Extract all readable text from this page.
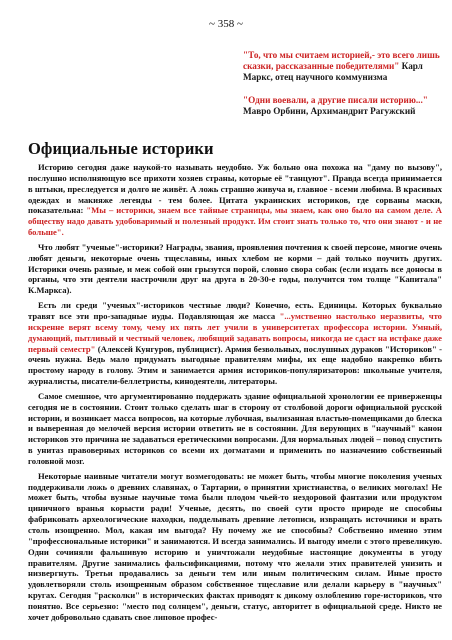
~ 358 ~
"То, что мы считаем историей,- это всего лишь сказки, рассказанные победителями" Карл Маркс, отец научного коммунизма
"Одни воевали, а другие писали историю..." Мавро Орбини, Архимандрит Рагужский
Официальные историки

Историю сегодня даже наукой-то называть неудобно. Уж больно она похожа на "даму по вызову", послушно исполняющую все прихоти хозяев страны, которые её "танцуют". Правда всегда принимается в штыки, преследуется и долго не живёт. А ложь страшно живуча и, главное - всеми любима. В красивых одеждах и макияже легенды - тем более. Цитата украинских историков, где сорваны маски, показательна: "Мы – историки, знаем все тайные страницы, мы знаем, как оно было на самом деле. А обществу надо давать удобоваримый и полезный продукт. Им стоит знать только то, что они знают - и не больше".

Что любят "ученые"-историки? Награды, звания, проявления почтения к своей персоне, многие очень любят деньги, некоторые очень тщеславны, иных хлебом не корми – дай только поучить других. Историки очень разные, и меж собой они грызутся порой, словно свора собак (если издать все доносы в органы, что эти деятели настрочили друг на друга в 20-30-е годы, получится том толще "Капитала" К.Маркса).

Есть ли среди "ученых"-историков честные люди? Конечно, есть. Единицы. Которых буквально травят все эти про-западные иуды. Подавляющая же масса "...умственно настолько неразвиты, что искренне верят всему тому, чему их пять лет учили в университетах профессора истории. Умный, думающий, пытливый и честный человек, любящий задавать вопросы, никогда не сдаст на истфаке даже первый семестр" (Алексей Кунгуров, публицист). Армия безвольных, послушных дураков "Историков" - очень нужна. Ведь мало придумать выгодные правителям мифы, их еще надобно накрепко вбить простому народу в голову. Этим и занимается армия историков-популяризаторов: школьные учителя, журналисты, писатели-беллетристы, кинодеятели, литераторы.

Самое смешное, что аргументированно поддержать здание официальной хронологии ее приверженцы сегодня не в состоянии. Стоит только сделать шаг в сторону от столбовой дороги официальной русской истории, и возникает масса вопросов, на которые лубочная, вылизанная властью-помещиками до блеска и выверенная до мелочей версия истории ответить не в состоянии. Для верующих в "научный" канон историков это причина не задаваться еретическими вопросами. Для нормальных людей – повод спустить в унитаз правоверных историков со всеми их догматами и применить по назначению собственный головной мозг.

Некоторые наивные читатели могут возмегодовать: не может быть, чтобы многие поколения ученых поддерживали ложь о древних славянах, о Тартарии, о принятии христианства, о великих моголах! Не может быть, чтобы вузные научные тома были плодом чьей-то нездоровой фантазии или продуктом циничного вранья корысти ради! Ученые, десять, по своей сути просто природе не способны фабриковать археологические находки, подделывать древние летописи, извращать источники и врать столь изощренно. Мол, какая им выгода? Ну почему же не способны? Собственно именно этим "профессиональные историки" и занимаются. И всегда занимались. И выгоду имели с этого превеликую. Одни сочиняли фальшивую историю и уничтожали неудобные настоящие документы в угоду правителям. Другие занимались фальсификациями, потому что желали этих правителей унизить и низвергнуть. Третьи продавались за деньги тем или иным политическим силам. Иные просто удовлетворяли столь изощренным образом собственное тщеславие или делали карьеру в "научных" кругах. Сегодня "расколки" в исторических фактах приводят к дикому озлоблению горе-историков, что понятно. Все серьезно: "место под солнцем", деньги, статус, авторитет в официальной среде. Никто не хочет добровольно сдавать свое липовое профес-
